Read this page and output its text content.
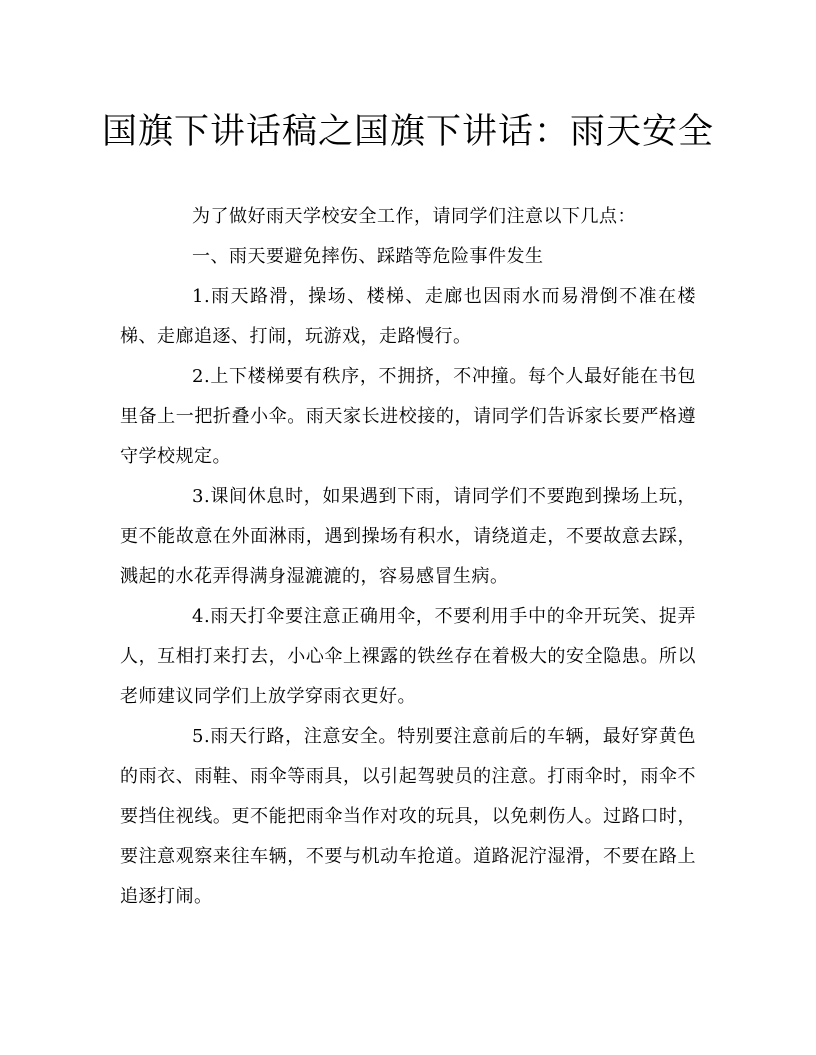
国旗下讲话稿之国旗下讲话：雨天安全

为了做好雨天学校安全工作，请同学们注意以下几点：

一、雨天要避免摔伤、踩踏等危险事件发生

1.雨天路滑，操场、楼梯、走廊也因雨水而易滑倒不准在楼梯、走廊追逐、打闹，玩游戏，走路慢行。

2.上下楼梯要有秩序，不拥挤，不冲撞。每个人最好能在书包里备上一把折叠小伞。雨天家长进校接的，请同学们告诉家长要严格遵守学校规定。

3.课间休息时，如果遇到下雨，请同学们不要跑到操场上玩，更不能故意在外面淋雨，遇到操场有积水，请绕道走，不要故意去踩，溅起的水花弄得满身湿漉漉的，容易感冒生病。

4.雨天打伞要注意正确用伞，不要利用手中的伞开玩笑、捉弄人，互相打来打去，小心伞上裸露的铁丝存在着极大的安全隐患。所以老师建议同学们上放学穿雨衣更好。

5.雨天行路，注意安全。特别要注意前后的车辆，最好穿黄色的雨衣、雨鞋、雨伞等雨具，以引起驾驶员的注意。打雨伞时，雨伞不要挡住视线。更不能把雨伞当作对攻的玩具，以免刺伤人。过路口时，要注意观察来往车辆，不要与机动车抢道。道路泥泞湿滑，不要在路上追逐打闹。
